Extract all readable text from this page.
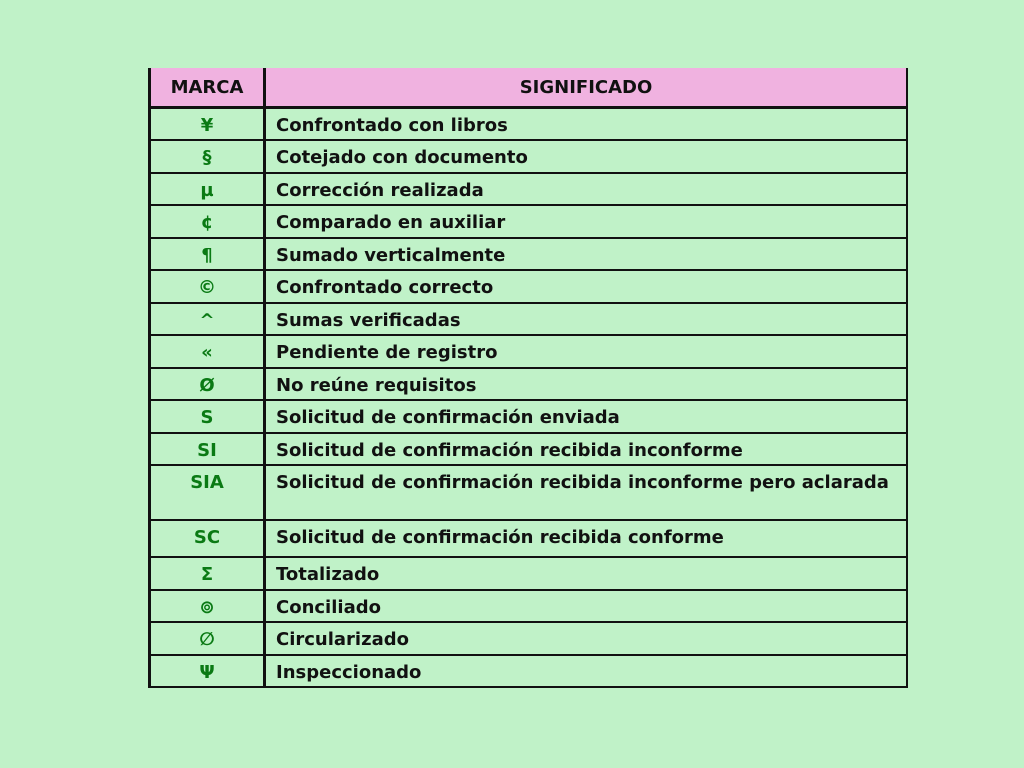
MARCA	SIGNIFICADO
¥	Confrontado con libros
§	Cotejado con documento
µ	Corrección realizada
¢	Comparado en auxiliar
¶	Sumado verticalmente
©	Confrontado correcto
^	Sumas verificadas
«	Pendiente de registro
Ø	No reúne requisitos
S	Solicitud de confirmación enviada
SI	Solicitud de confirmación recibida inconforme
SIA	Solicitud de confirmación recibida inconforme pero aclarada
SC	Solicitud de confirmación recibida conforme
Σ	Totalizado
⊚	Conciliado
∅	Circularizado
Ψ	Inspeccionado
